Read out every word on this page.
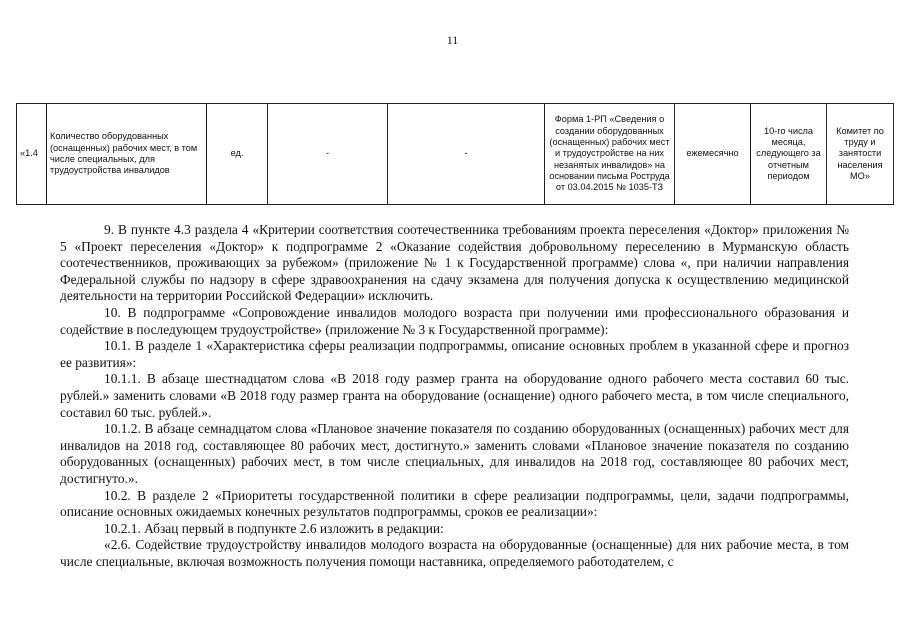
11
«1.4	Количество оборудованных (оснащенных) рабочих мест, в том числе специальных, для трудоустройства инвалидов	ед.	-	-	Форма 1-РП «Сведения о создании оборудованных (оснащенных) рабочих мест и трудоустройстве на них незанятых инвалидов» на основании письма Роструда от 03.04.2015 № 1035-ТЗ	ежемесячно	10-го числа месяца, следующего за отчетным периодом	Комитет по труду и занятости населения МО»

9. В пункте 4.3 раздела 4 «Критерии соответствия соотечественника требованиям проекта переселения «Доктор» приложения № 5 «Проект переселения «Доктор» к подпрограмме 2 «Оказание содействия добровольному переселению в Мурманскую область соотечественников, проживающих за рубежом» (приложение № 1 к Государственной программе) слова «, при наличии направления Федеральной службы по надзору в сфере здравоохранения на сдачу экзамена для получения допуска к осуществлению медицинской деятельности на территории Российской Федерации» исключить.

10. В подпрограмме «Сопровождение инвалидов молодого возраста при получении ими профессионального образования и содействие в последующем трудоустройстве» (приложение № 3 к Государственной программе):

10.1. В разделе 1 «Характеристика сферы реализации подпрограммы, описание основных проблем в указанной сфере и прогноз ее развития»:

10.1.1. В абзаце шестнадцатом слова «В 2018 году размер гранта на оборудование одного рабочего места составил 60 тыс. рублей.» заменить словами «В 2018 году размер гранта на оборудование (оснащение) одного рабочего места, в том числе специального, составил 60 тыс. рублей.».

10.1.2. В абзаце семнадцатом слова «Плановое значение показателя по созданию оборудованных (оснащенных) рабочих мест для инвалидов на 2018 год, составляющее 80 рабочих мест, достигнуто.» заменить словами «Плановое значение показателя по созданию оборудованных (оснащенных) рабочих мест, в том числе специальных, для инвалидов на 2018 год, составляющее 80 рабочих мест, достигнуто.».

10.2. В разделе 2 «Приоритеты государственной политики в сфере реализации подпрограммы, цели, задачи подпрограммы, описание основных ожидаемых конечных результатов подпрограммы, сроков ее реализации»:

10.2.1. Абзац первый в подпункте 2.6 изложить в редакции:

«2.6. Содействие трудоустройству инвалидов молодого возраста на оборудованные (оснащенные) для них рабочие места, в том числе специальные, включая возможность получения помощи наставника, определяемого работодателем, с
